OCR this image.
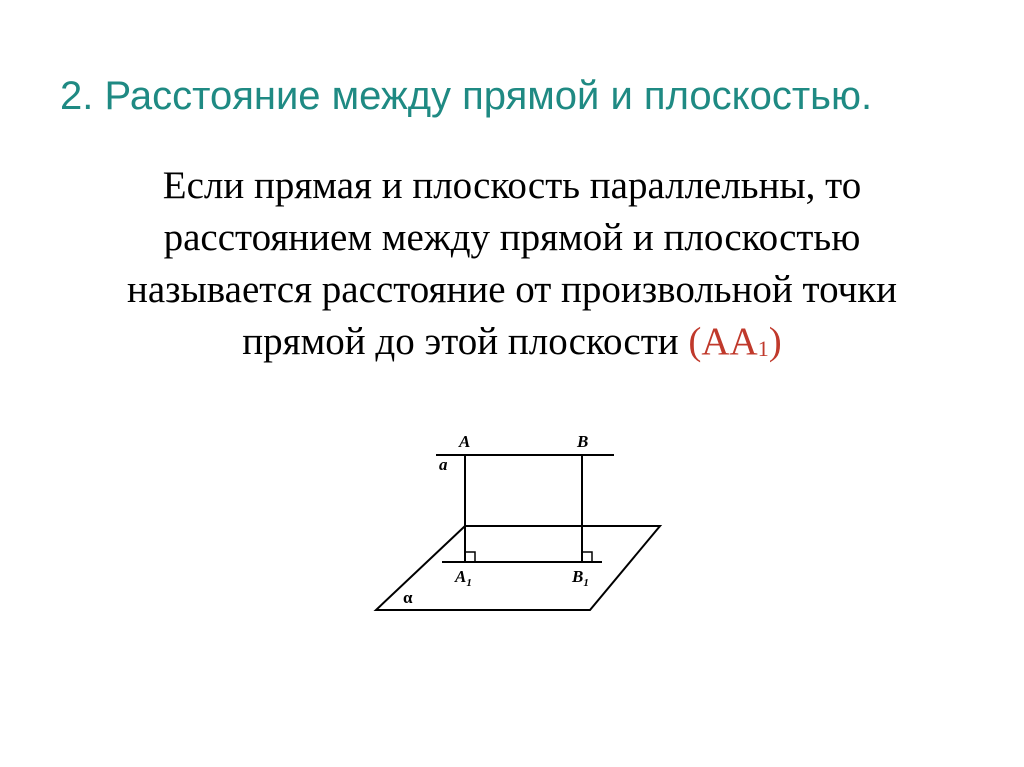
2. Расстояние между прямой и плоскостью.

Если прямая и плоскость параллельны, то
расстоянием между прямой и плоскостью
называется расстояние от произвольной точки
прямой до этой плоскости $(АА_1)$

A	B
a
$A_1$	$B_1$
α
